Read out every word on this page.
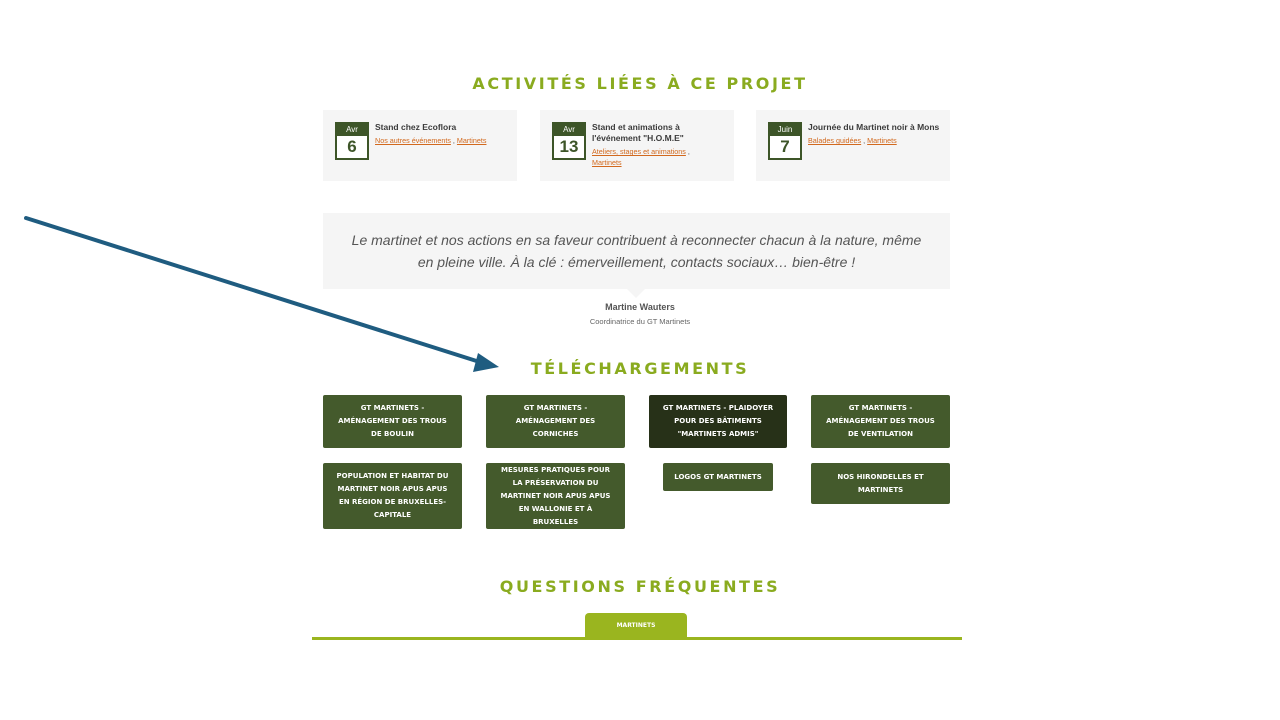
ACTIVITÉS LIÉES À CE PROJET
Avr
6
Stand chez Ecoflora
Nos autres événements , Martinets
Avr
13
Stand et animations à l'événement "H.O.M.E"
Ateliers, stages et animations ,
Martinets
Juin
7
Journée du Martinet noir à Mons
Balades guidées , Martinets
Le martinet et nos actions en sa faveur contribuent à reconnecter chacun à la nature, même en pleine ville. À la clé : émerveillement, contacts sociaux… bien-être !
Martine Wauters
Coordinatrice du GT Martinets
TÉLÉCHARGEMENTS
GT MARTINETS - AMÉNAGEMENT DES TROUS DE BOULIN
GT MARTINETS - AMÉNAGEMENT DES CORNICHES
GT MARTINETS - PLAIDOYER POUR DES BÂTIMENTS "MARTINETS ADMIS"
GT MARTINETS - AMÉNAGEMENT DES TROUS DE VENTILATION
POPULATION ET HABITAT DU MARTINET NOIR APUS APUS EN RÉGION DE BRUXELLES-CAPITALE
MESURES PRATIQUES POUR LA PRÉSERVATION DU MARTINET NOIR APUS APUS EN WALLONIE ET À BRUXELLES
LOGOS GT MARTINETS	NOS HIRONDELLES ET MARTINETS
QUESTIONS FRÉQUENTES
MARTINETS
